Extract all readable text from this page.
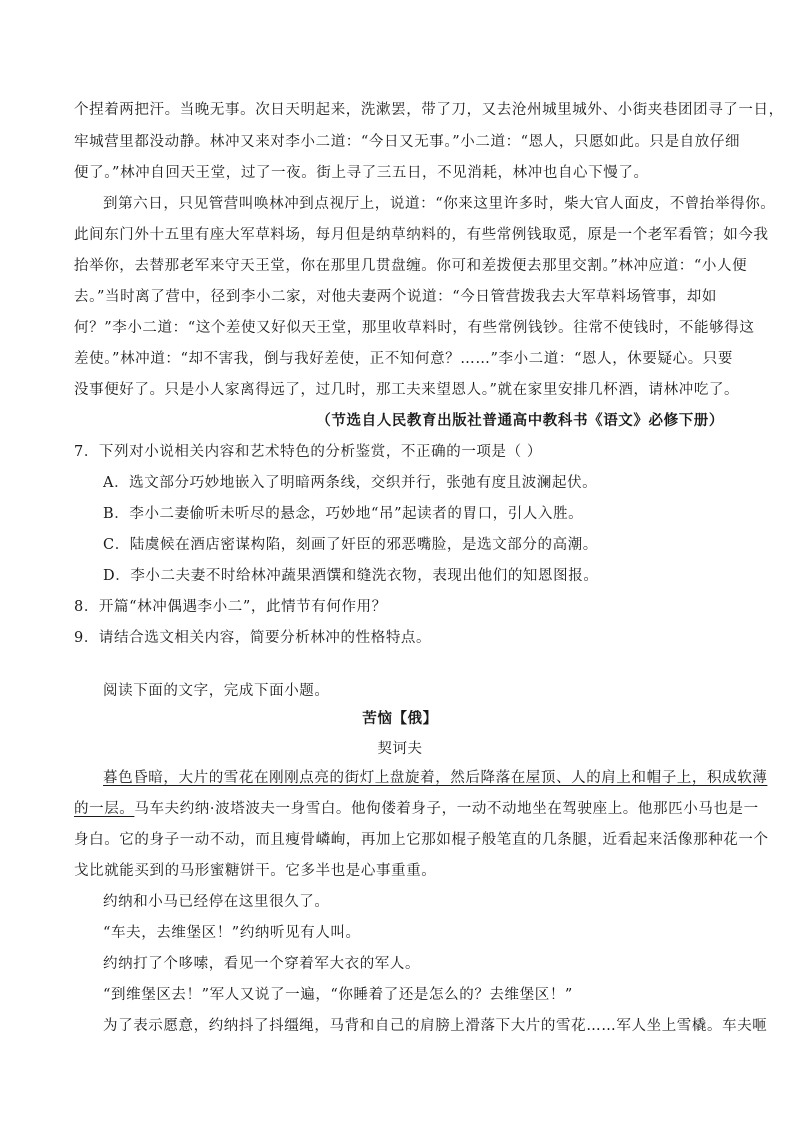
个捏着两把汗。当晚无事。次日天明起来，洗漱罢，带了刀，又去沧州城里城外、小街夹巷团团寻了一日，
牢城营里都没动静。林冲又来对李小二道：“今日又无事。”小二道：“恩人，只愿如此。只是自放仔细
便了。”林冲自回天王堂，过了一夜。街上寻了三五日，不见消耗，林冲也自心下慢了。
到第六日，只见管营叫唤林冲到点视厅上，说道：“你来这里许多时，柴大官人面皮，不曾抬举得你。
此间东门外十五里有座大军草料场，每月但是纳草纳料的，有些常例钱取觅，原是一个老军看管；如今我
抬举你，去替那老军来守天王堂，你在那里几贯盘缠。你可和差拨便去那里交割。”林冲应道：“小人便
去。”当时离了营中，径到李小二家，对他夫妻两个说道：“今日管营拨我去大军草料场管事，却如
何？”李小二道：“这个差使又好似天王堂，那里收草料时，有些常例钱钞。往常不使钱时，不能够得这
差使。”林冲道：“却不害我，倒与我好差使，正不知何意？……”李小二道：“恩人，休要疑心。只要
没事便好了。只是小人家离得远了，过几时，那工夫来望恩人。”就在家里安排几杯酒，请林冲吃了。
（节选自人民教育出版社普通高中教科书《语文》必修下册）
7．下列对小说相关内容和艺术特色的分析鉴赏，不正确的一项是（ ）
A．选文部分巧妙地嵌入了明暗两条线，交织并行，张弛有度且波澜起伏。
B．李小二妻偷听未听尽的悬念，巧妙地“吊”起读者的胃口，引人入胜。
C．陆虞候在酒店密谋构陷，刻画了奸臣的邪恶嘴脸，是选文部分的高潮。
D．李小二夫妻不时给林冲蔬果酒馔和缝洗衣物，表现出他们的知恩图报。
8．开篇“林冲偶遇李小二”，此情节有何作用？
9．请结合选文相关内容，简要分析林冲的性格特点。
阅读下面的文字，完成下面小题。
苦恼【俄】
契诃夫
暮色昏暗，大片的雪花在刚刚点亮的街灯上盘旋着，然后降落在屋顶、人的肩上和帽子上，积成软薄
的一层。马车夫约纳·波塔波夫一身雪白。他佝偻着身子，一动不动地坐在驾驶座上。他那匹小马也是一
身白。它的身子一动不动，而且瘦骨嶙峋，再加上它那如棍子般笔直的几条腿，近看起来活像那种花一个
戈比就能买到的马形蜜糖饼干。它多半也是心事重重。
约纳和小马已经停在这里很久了。
“车夫，去维堡区！”约纳听见有人叫。
约纳打了个哆嗦，看见一个穿着军大衣的军人。
“到维堡区去！”军人又说了一遍，“你睡着了还是怎么的？去维堡区！”
为了表示愿意，约纳抖了抖缰绳，马背和自己的肩膀上滑落下大片的雪花……军人坐上雪橇。车夫咂
